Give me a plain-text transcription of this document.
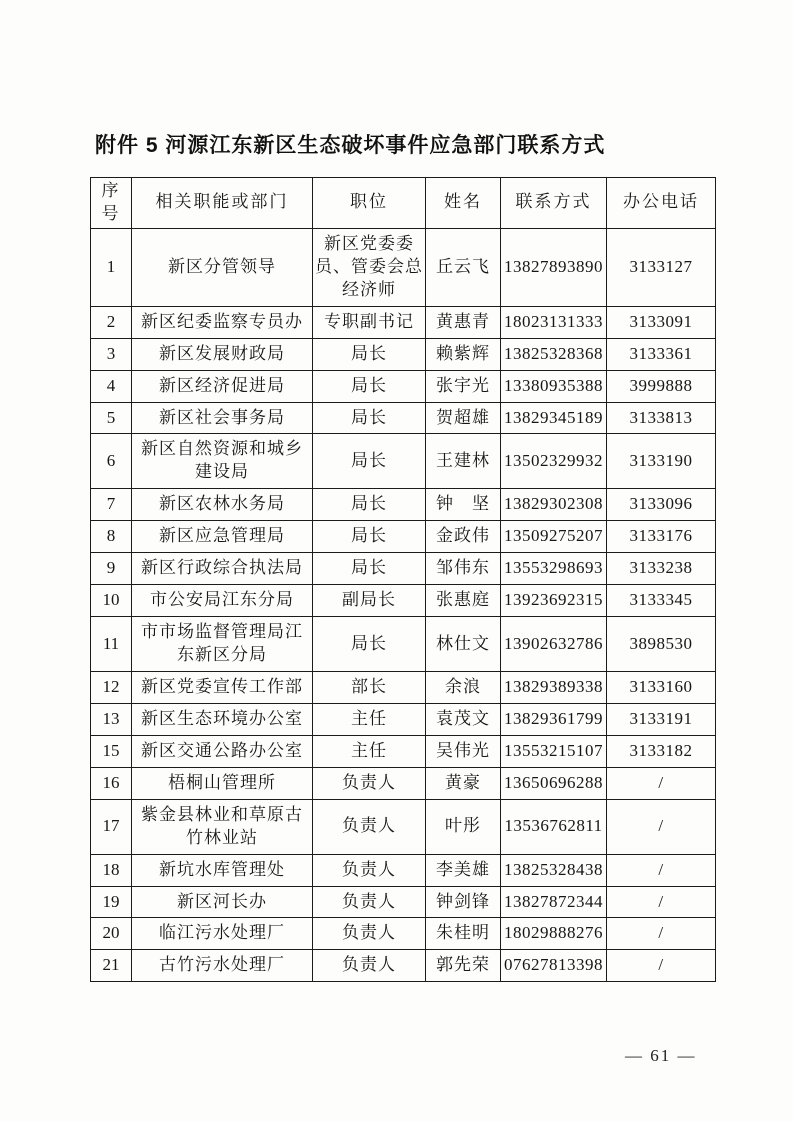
附件 5 河源江东新区生态破坏事件应急部门联系方式
序号	相关职能或部门	职位	姓名	联系方式	办公电话
1	新区分管领导	新区党委委员、管委会总经济师	丘云飞	13827893890	3133127
2	新区纪委监察专员办	专职副书记	黄惠青	18023131333	3133091
3	新区发展财政局	局长	赖紫辉	13825328368	3133361
4	新区经济促进局	局长	张宇光	13380935388	3999888
5	新区社会事务局	局长	贺超雄	13829345189	3133813
6	新区自然资源和城乡建设局	局长	王建林	13502329932	3133190
7	新区农林水务局	局长	钟　坚	13829302308	3133096
8	新区应急管理局	局长	金政伟	13509275207	3133176
9	新区行政综合执法局	局长	邹伟东	13553298693	3133238
10	市公安局江东分局	副局长	张惠庭	13923692315	3133345
11	市市场监督管理局江东新区分局	局长	林仕文	13902632786	3898530
12	新区党委宣传工作部	部长	余浪	13829389338	3133160
13	新区生态环境办公室	主任	袁茂文	13829361799	3133191
15	新区交通公路办公室	主任	吴伟光	13553215107	3133182
16	梧桐山管理所	负责人	黄豪	13650696288	/
17	紫金县林业和草原古竹林业站	负责人	叶彤	13536762811	/
18	新坑水库管理处	负责人	李美雄	13825328438	/
19	新区河长办	负责人	钟剑锋	13827872344	/
20	临江污水处理厂	负责人	朱桂明	18029888276	/
21	古竹污水处理厂	负责人	郭先荣	07627813398	/
— 61 —
